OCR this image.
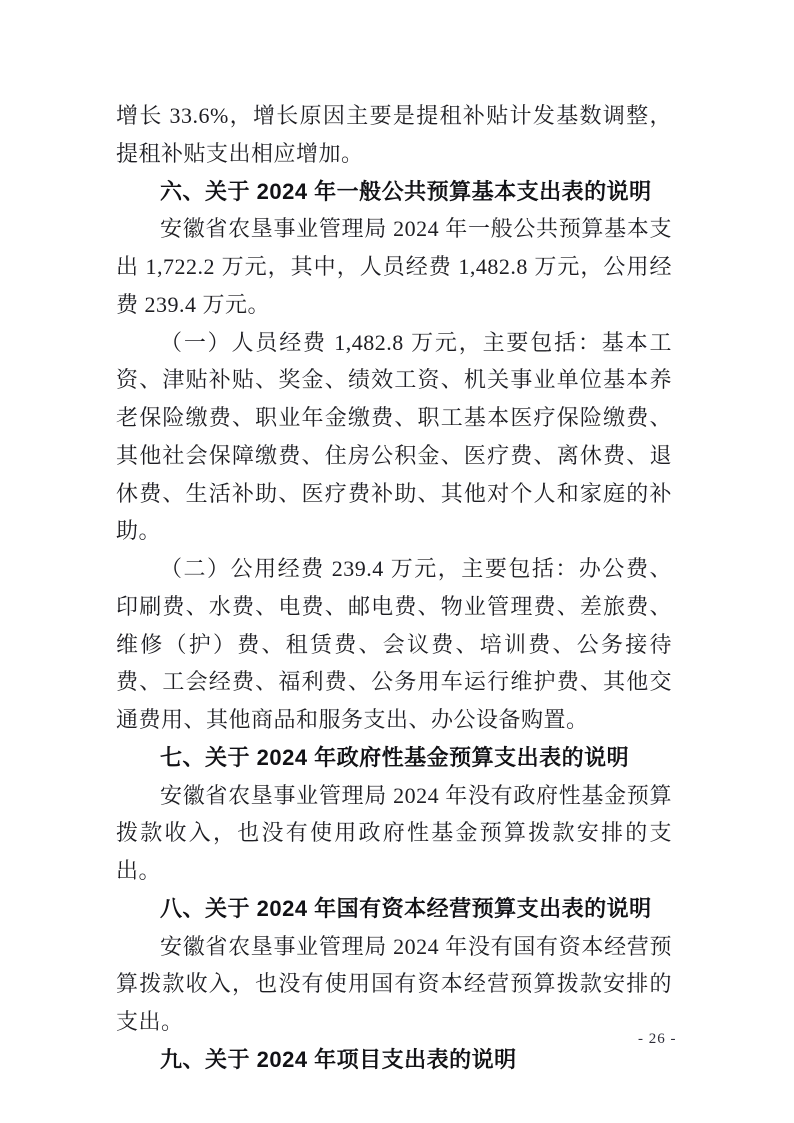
增长 33.6%，增长原因主要是提租补贴计发基数调整，提租补贴支出相应增加。

六、关于 2024 年一般公共预算基本支出表的说明

安徽省农垦事业管理局 2024 年一般公共预算基本支出 1,722.2 万元，其中，人员经费 1,482.8 万元，公用经费 239.4 万元。

（一）人员经费 1,482.8 万元，主要包括：基本工资、津贴补贴、奖金、绩效工资、机关事业单位基本养老保险缴费、职业年金缴费、职工基本医疗保险缴费、其他社会保障缴费、住房公积金、医疗费、离休费、退休费、生活补助、医疗费补助、其他对个人和家庭的补助。

（二）公用经费 239.4 万元，主要包括：办公费、印刷费、水费、电费、邮电费、物业管理费、差旅费、维修（护）费、租赁费、会议费、培训费、公务接待费、工会经费、福利费、公务用车运行维护费、其他交通费用、其他商品和服务支出、办公设备购置。

七、关于 2024 年政府性基金预算支出表的说明

安徽省农垦事业管理局 2024 年没有政府性基金预算拨款收入，也没有使用政府性基金预算拨款安排的支出。

八、关于 2024 年国有资本经营预算支出表的说明

安徽省农垦事业管理局 2024 年没有国有资本经营预算拨款收入，也没有使用国有资本经营预算拨款安排的支出。

九、关于 2024 年项目支出表的说明
- 26 -
